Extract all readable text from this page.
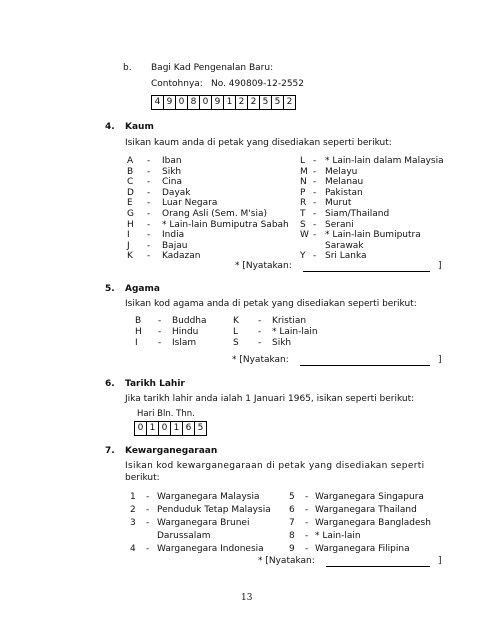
b. Bagi Kad Pengenalan Baru:
Contohnya: No. 490809-12-2552
4 9 0 8 0 9 1 2 2 5 5 2
4. Kaum
Isikan kaum anda di petak yang disediakan seperti berikut:
A - Iban
B - Sikh
C - Cina
D - Dayak
E - Luar Negara
G - Orang Asli (Sem. M'sia)
H - * Lain-lain Bumiputra Sabah
I - India
J - Bajau
K - Kadazan
L - * Lain-lain dalam Malaysia
M - Melayu
N - Melanau
P - Pakistan
R - Murut
T - Siam/Thailand
S - Serani
W - * Lain-lain Bumiputra
Sarawak
Y - Sri Lanka
* [Nyatakan:	]
5. Agama
Isikan kod agama anda di petak yang disediakan seperti berikut:
B - Buddha
H - Hindu
I - Islam
K - Kristian
L - * Lain-lain
S - Sikh
* [Nyatakan:	]
6. Tarikh Lahir
Jika tarikh lahir anda ialah 1 Januari 1965, isikan seperti berikut:
Hari Bln. Thn.
0 1 0 1 6 5
7. Kewarganegaraan
Isikan kod kewarganegaraan di petak yang disediakan seperti
berikut:
1 - Warganegara Malaysia
2 - Penduduk Tetap Malaysia
3 - Warganegara Brunei
Darussalam
4 - Warganegara Indonesia
5 - Warganegara Singapura
6 - Warganegara Thailand
7 - Warganegara Bangladesh
8 - * Lain-lain
9 - Warganegara Filipina
* [Nyatakan:	]
13
